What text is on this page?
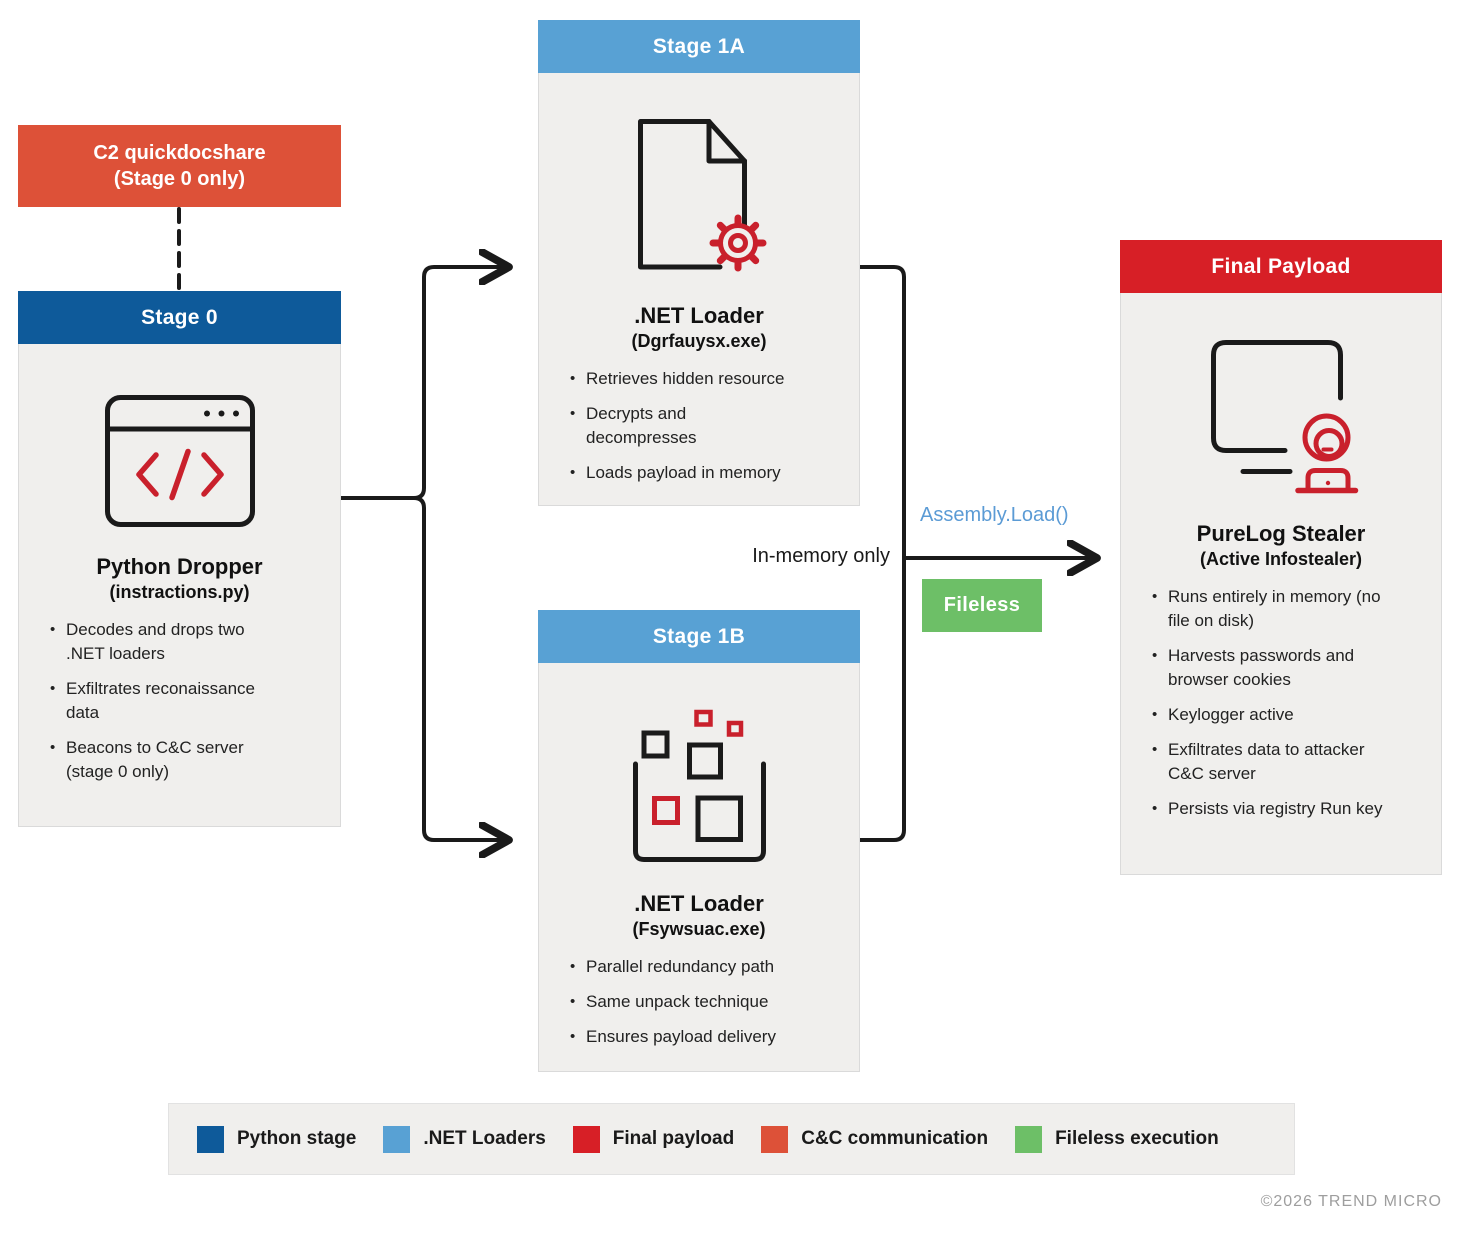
C2 quickdocshare
(Stage 0 only)
Stage 0
Python Dropper
(instractions.py)
• Decodes and drops two .NET loaders
• Exfiltrates reconaissance data
• Beacons to C&C server (stage 0 only)
Stage 1A
.NET Loader
(Dgrfauysx.exe)
• Retrieves hidden resource
• Decrypts and decompresses
• Loads payload in memory
Stage 1B
.NET Loader
(Fsywsuac.exe)
• Parallel redundancy path
• Same unpack technique
• Ensures payload delivery
Final Payload
PureLog Stealer
(Active Infostealer)
• Runs entirely in memory (no file on disk)
• Harvests passwords and browser cookies
• Keylogger active
• Exfiltrates data to attacker C&C server
• Persists via registry Run key
Assembly.Load()
In-memory only
Fileless
Python stage	.NET Loaders	Final payload	C&C communication	Fileless execution
©2026 TREND MICRO
